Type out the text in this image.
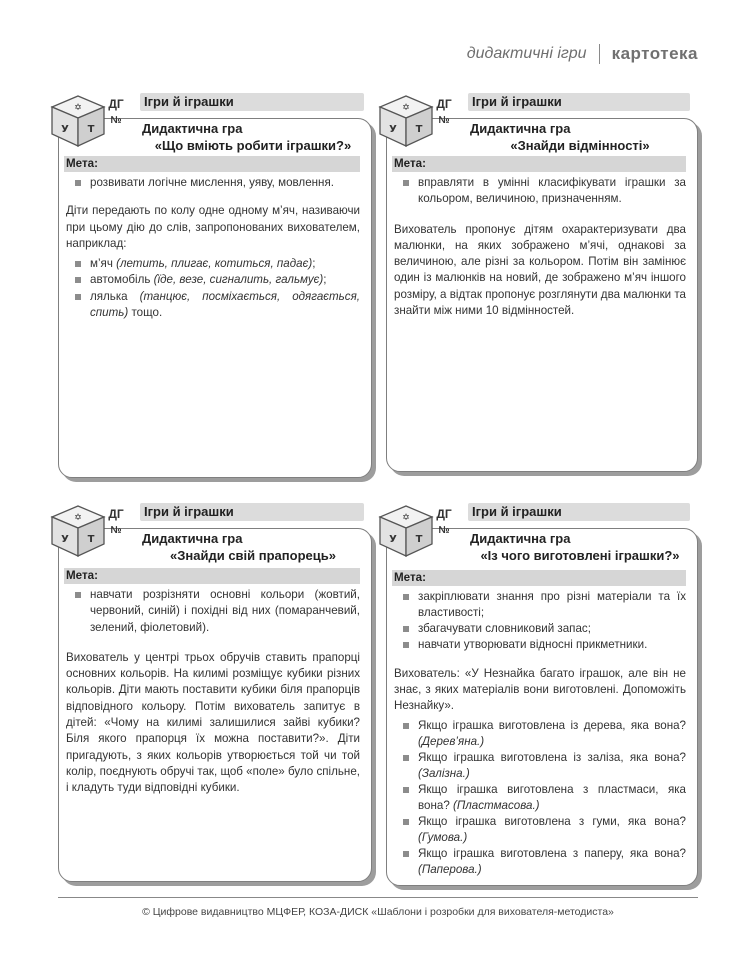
дидактичні ігри картотека
✡
У Т
ДГ
№
Ігри й іграшки
Дидактична гра
«Що вміють робити іграшки?»
Мета:
розвивати логічне мислення, уяву, мовлення.
Діти передають по колу одне одному м’яч, називаючи при цьому дію до слів, запропонованих вихователем, наприклад:
м’яч (летить, плигає, котиться, падає);
автомобіль (їде, везе, сигналить, гальмує);
лялька (танцює, посміхається, одягається, спить) тощо.
✡
У Т
ДГ
№
Ігри й іграшки
Дидактична гра
«Знайди відмінності»
Мета:
вправляти в умінні класифікувати іграшки за кольором, величиною, призначенням.
Вихователь пропонує дітям охарактеризувати два малюнки, на яких зображено м’ячі, однакові за величиною, але різні за кольором. Потім він замінює один із малюнків на новий, де зображено м’яч іншого розміру, а відтак пропонує розглянути два малюнки та знайти між ними 10 відмінностей.
✡
У Т
ДГ
№
Ігри й іграшки
Дидактична гра
«Знайди свій прапорець»
Мета:
навчати розрізняти основні кольори (жовтий, червоний, синій) і похідні від них (помаранчевий, зелений, фіолетовий).
Вихователь у центрі трьох обручів ставить прапорці основних кольорів. На килимі розміщує кубики різних кольорів. Діти мають поставити кубики біля прапорців відповідного кольору. Потім вихователь запитує в дітей: «Чому на килимі залишилися зайві кубики? Біля якого прапорця їх можна поставити?». Діти пригадують, з яких кольорів утворюється той чи той колір, поєднують обручі так, щоб «поле» було спільне, і кладуть туди відповідні кубики.
✡
У Т
ДГ
№
Ігри й іграшки
Дидактична гра
«Із чого виготовлені іграшки?»
Мета:
закріплювати знання про різні матеріали та їх властивості;
збагачувати словниковий запас;
навчати утворювати відносні прикметники.
Вихователь: «У Незнайка багато іграшок, але він не знає, з яких матеріалів вони виготовлені. Допоможіть Незнайку».
Якщо іграшка виготовлена із дерева, яка вона? (Дерев’яна.)
Якщо іграшка виготовлена із заліза, яка вона? (Залізна.)
Якщо іграшка виготовлена з пластмаси, яка вона? (Пластмасова.)
Якщо іграшка виготовлена з гуми, яка вона? (Гумова.)
Якщо іграшка виготовлена з паперу, яка вона? (Паперова.)
© Цифрове видавництво МЦФЕР, КОЗА-ДИСК «Шаблони і розробки для вихователя-методиста»
